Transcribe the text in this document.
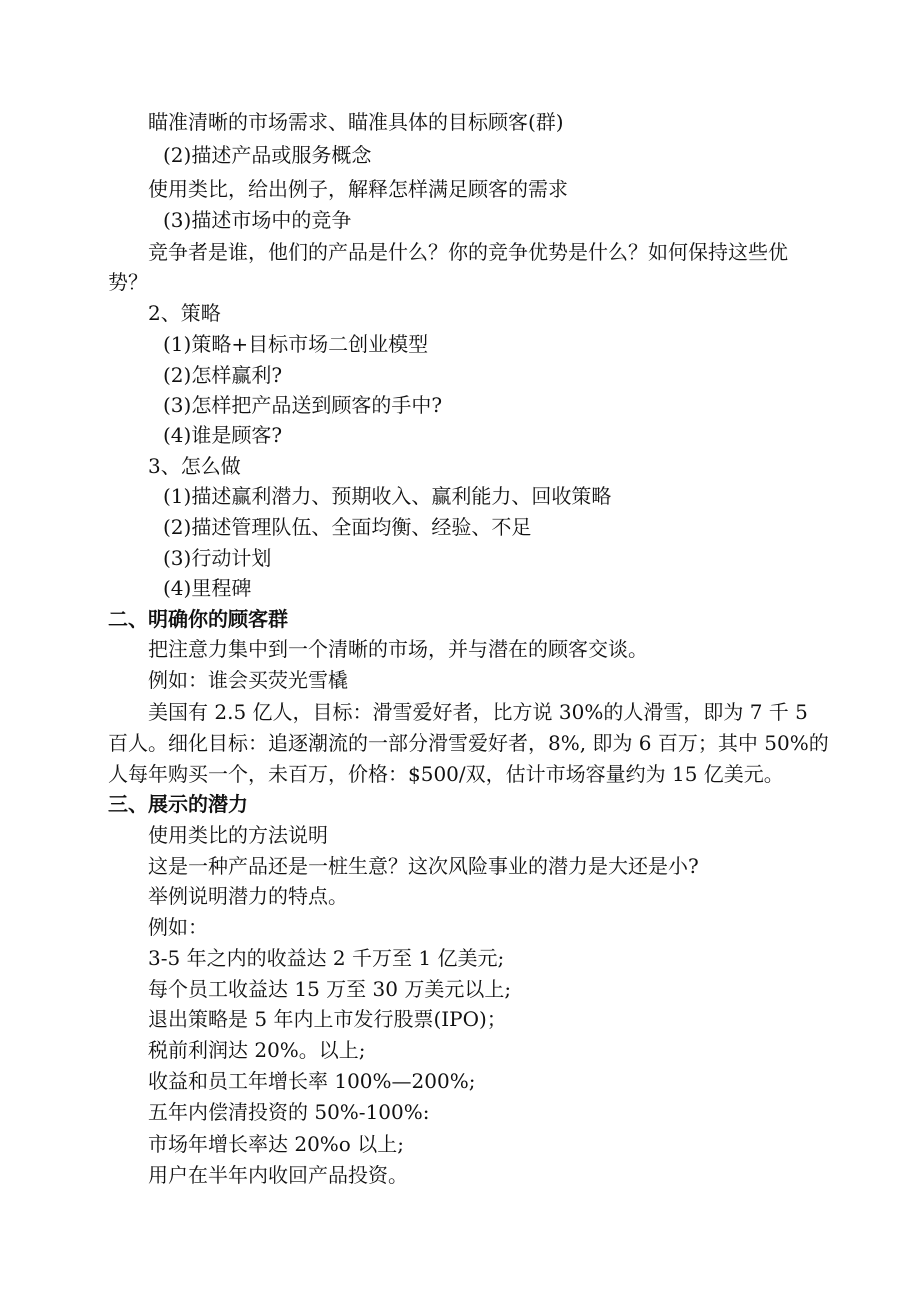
瞄准清晰的市场需求、瞄准具体的目标顾客(群)
(2)描述产品或服务概念
使用类比，给出例子，解释怎样满足顾客的需求
(3)描述市场中的竞争
竞争者是谁，他们的产品是什么？你的竞争优势是什么？如何保持这些优
势？
2、策略
(1)策略+目标市场二创业模型
(2)怎样赢利?
(3)怎样把产品送到顾客的手中?
(4)谁是顾客?
3、怎么做
(1)描述赢利潜力、预期收入、赢利能力、回收策略
(2)描述管理队伍、全面均衡、经验、不足
(3)行动计划
(4)里程碑
二、明确你的顾客群
把注意力集中到一个清晰的市场，并与潜在的顾客交谈。
例如：谁会买荧光雪橇
美国有 2.5 亿人，目标：滑雪爱好者，比方说 30%的人滑雪，即为 7 千 5
百人。细化目标：追逐潮流的一部分滑雪爱好者，8%, 即为 6 百万；其中 50%的
人每年购买一个，未百万，价格：$500/双，估计市场容量约为 15 亿美元。
三、展示的潜力
使用类比的方法说明
这是一种产品还是一桩生意？这次风险事业的潜力是大还是小?
举例说明潜力的特点。
例如：
3-5 年之内的收益达 2 千万至 1 亿美元;
每个员工收益达 15 万至 30 万美元以上;
退出策略是 5 年内上市发行股票(IPO)；
税前利润达 20%。以上;
收益和员工年增长率 100%—200%;
五年内偿清投资的 50%-100%:
市场年增长率达 20%o 以上;
用户在半年内收回产品投资。
